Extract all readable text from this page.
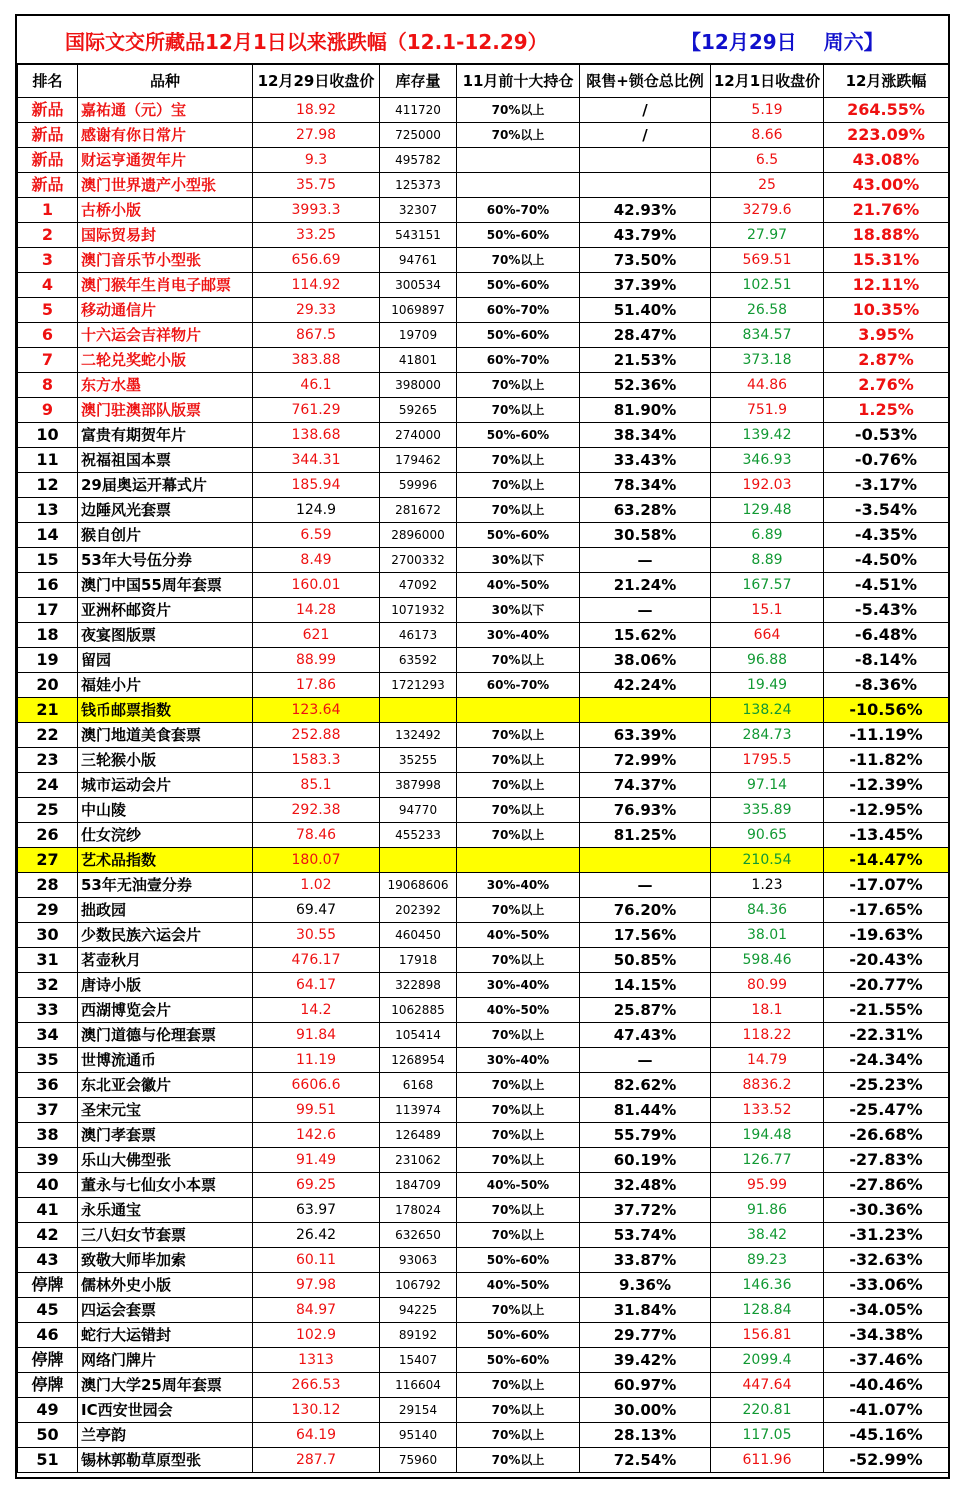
国际文交所藏品12月1日以来涨跌幅（12.1-12.29）	【12月29日　 周六】
排名	品种	12月29日收盘价	库存量	11月前十大持仓	限售+锁仓总比例	12月1日收盘价	12月涨跌幅
新品	嘉祐通（元）宝	18.92	411720	70%以上	/	5.19	264.55%
新品	感谢有你日常片	27.98	725000	70%以上	/	8.66	223.09%
新品	财运亨通贺年片	9.3	495782			6.5	43.08%
新品	澳门世界遗产小型张	35.75	125373			25	43.00%
1	古桥小版	3993.3	32307	60%-70%	42.93%	3279.6	21.76%
2	国际贸易封	33.25	543151	50%-60%	43.79%	27.97	18.88%
3	澳门音乐节小型张	656.69	94761	70%以上	73.50%	569.51	15.31%
4	澳门猴年生肖电子邮票	114.92	300534	50%-60%	37.39%	102.51	12.11%
5	移动通信片	29.33	1069897	60%-70%	51.40%	26.58	10.35%
6	十六运会吉祥物片	867.5	19709	50%-60%	28.47%	834.57	3.95%
7	二轮兑奖蛇小版	383.88	41801	60%-70%	21.53%	373.18	2.87%
8	东方水墨	46.1	398000	70%以上	52.36%	44.86	2.76%
9	澳门驻澳部队版票	761.29	59265	70%以上	81.90%	751.9	1.25%
10	富贵有期贺年片	138.68	274000	50%-60%	38.34%	139.42	-0.53%
11	祝福祖国本票	344.31	179462	70%以上	33.43%	346.93	-0.76%
12	29届奥运开幕式片	185.94	59996	70%以上	78.34%	192.03	-3.17%
13	边陲风光套票	124.9	281672	70%以上	63.28%	129.48	-3.54%
14	猴自创片	6.59	2896000	50%-60%	30.58%	6.89	-4.35%
15	53年大号伍分券	8.49	2700332	30%以下	—	8.89	-4.50%
16	澳门中国55周年套票	160.01	47092	40%-50%	21.24%	167.57	-4.51%
17	亚洲杯邮资片	14.28	1071932	30%以下	—	15.1	-5.43%
18	夜宴图版票	621	46173	30%-40%	15.62%	664	-6.48%
19	留园	88.99	63592	70%以上	38.06%	96.88	-8.14%
20	福娃小片	17.86	1721293	60%-70%	42.24%	19.49	-8.36%
21	钱币邮票指数	123.64				138.24	-10.56%
22	澳门地道美食套票	252.88	132492	70%以上	63.39%	284.73	-11.19%
23	三轮猴小版	1583.3	35255	70%以上	72.99%	1795.5	-11.82%
24	城市运动会片	85.1	387998	70%以上	74.37%	97.14	-12.39%
25	中山陵	292.38	94770	70%以上	76.93%	335.89	-12.95%
26	仕女浣纱	78.46	455233	70%以上	81.25%	90.65	-13.45%
27	艺术品指数	180.07				210.54	-14.47%
28	53年无油壹分券	1.02	19068606	30%-40%	—	1.23	-17.07%
29	拙政园	69.47	202392	70%以上	76.20%	84.36	-17.65%
30	少数民族六运会片	30.55	460450	40%-50%	17.56%	38.01	-19.63%
31	茗壶秋月	476.17	17918	70%以上	50.85%	598.46	-20.43%
32	唐诗小版	64.17	322898	30%-40%	14.15%	80.99	-20.77%
33	西湖博览会片	14.2	1062885	40%-50%	25.87%	18.1	-21.55%
34	澳门道德与伦理套票	91.84	105414	70%以上	47.43%	118.22	-22.31%
35	世博流通币	11.19	1268954	30%-40%	—	14.79	-24.34%
36	东北亚会徽片	6606.6	6168	70%以上	82.62%	8836.2	-25.23%
37	圣宋元宝	99.51	113974	70%以上	81.44%	133.52	-25.47%
38	澳门孝套票	142.6	126489	70%以上	55.79%	194.48	-26.68%
39	乐山大佛型张	91.49	231062	70%以上	60.19%	126.77	-27.83%
40	董永与七仙女小本票	69.25	184709	40%-50%	32.48%	95.99	-27.86%
41	永乐通宝	63.97	178024	70%以上	37.72%	91.86	-30.36%
42	三八妇女节套票	26.42	632650	70%以上	53.74%	38.42	-31.23%
43	致敬大师毕加索	60.11	93063	50%-60%	33.87%	89.23	-32.63%
停牌	儒林外史小版	97.98	106792	40%-50%	9.36%	146.36	-33.06%
45	四运会套票	84.97	94225	70%以上	31.84%	128.84	-34.05%
46	蛇行大运错封	102.9	89192	50%-60%	29.77%	156.81	-34.38%
停牌	网络门牌片	1313	15407	50%-60%	39.42%	2099.4	-37.46%
停牌	澳门大学25周年套票	266.53	116604	70%以上	60.97%	447.64	-40.46%
49	IC西安世园会	130.12	29154	70%以上	30.00%	220.81	-41.07%
50	兰亭韵	64.19	95140	70%以上	28.13%	117.05	-45.16%
51	锡林郭勒草原型张	287.7	75960	70%以上	72.54%	611.96	-52.99%
